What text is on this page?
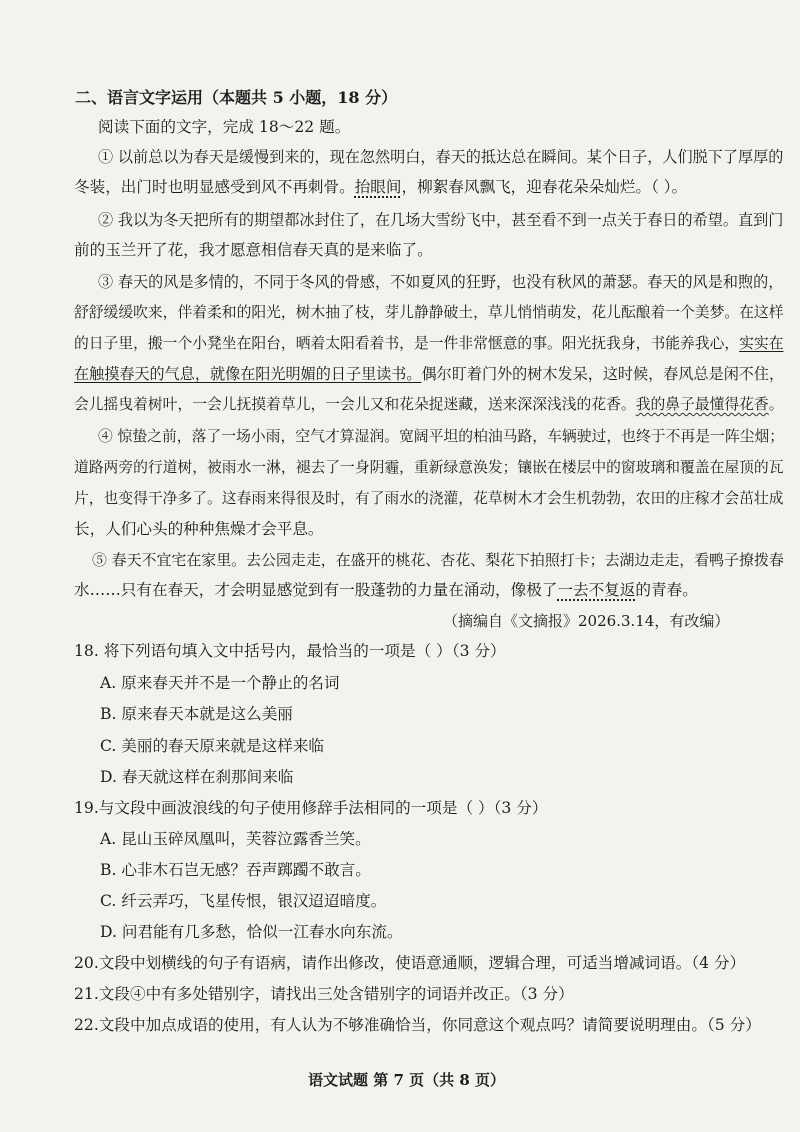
二、语言文字运用（本题共 5 小题，18 分）
阅读下面的文字，完成 18～22 题。
① 以前总以为春天是缓慢到来的，现在忽然明白，春天的抵达总在瞬间。某个日子，人们脱下了厚厚的
冬装，出门时也明显感受到风不再刺骨。抬眼间，柳絮春风飘飞，迎春花朵朵灿烂。（ ）。
② 我以为冬天把所有的期望都冰封住了，在几场大雪纷飞中，甚至看不到一点关于春日的希望。直到门
前的玉兰开了花，我才愿意相信春天真的是来临了。
③ 春天的风是多情的，不同于冬风的骨感，不如夏风的狂野，也没有秋风的萧瑟。春天的风是和煦的，
舒舒缓缓吹来，伴着柔和的阳光，树木抽了枝，芽儿静静破土，草儿悄悄萌发，花儿酝酿着一个美梦。在这样
的日子里，搬一个小凳坐在阳台，晒着太阳看着书，是一件非常惬意的事。阳光抚我身，书能养我心，实实在
在触摸春天的气息，就像在阳光明媚的日子里读书。偶尔盯着门外的树木发呆，这时候，春风总是闲不住，
会儿摇曳着树叶，一会儿抚摸着草儿，一会儿又和花朵捉迷藏，送来深深浅浅的花香。我的鼻子最懂得花香。
④ 惊蛰之前，落了一场小雨，空气才算湿润。宽阔平坦的柏油马路，车辆驶过，也终于不再是一阵尘烟；
道路两旁的行道树，被雨水一淋，褪去了一身阴霾，重新绿意涣发；镶嵌在楼层中的窗玻璃和覆盖在屋顶的瓦
片，也变得干净多了。这春雨来得很及时，有了雨水的浇灌，花草树木才会生机勃勃，农田的庄稼才会茁壮成
长，人们心头的种种焦燥才会平息。
⑤ 春天不宜宅在家里。去公园走走，在盛开的桃花、杏花、梨花下拍照打卡；去湖边走走，看鸭子撩拨春
水……只有在春天，才会明显感觉到有一股蓬勃的力量在涌动，像极了一去不复返的青春。
（摘编自《文摘报》2026.3.14，有改编）
18. 将下列语句填入文中括号内，最恰当的一项是（ ）（3 分）
A. 原来春天并不是一个静止的名词
B. 原来春天本就是这么美丽
C. 美丽的春天原来就是这样来临
D. 春天就这样在刹那间来临
19.与文段中画波浪线的句子使用修辞手法相同的一项是（ ）（3 分）
A. 昆山玉碎凤凰叫，芙蓉泣露香兰笑。
B. 心非木石岂无感？吞声踯躅不敢言。
C. 纤云弄巧，飞星传恨，银汉迢迢暗度。
D. 问君能有几多愁，恰似一江春水向东流。
20.文段中划横线的句子有语病，请作出修改，使语意通顺，逻辑合理，可适当增减词语。（4 分）
21.文段④中有多处错别字，请找出三处含错别字的词语并改正。（3 分）
22.文段中加点成语的使用，有人认为不够准确恰当，你同意这个观点吗？请简要说明理由。（5 分）
语文试题 第 7 页（共 8 页）
